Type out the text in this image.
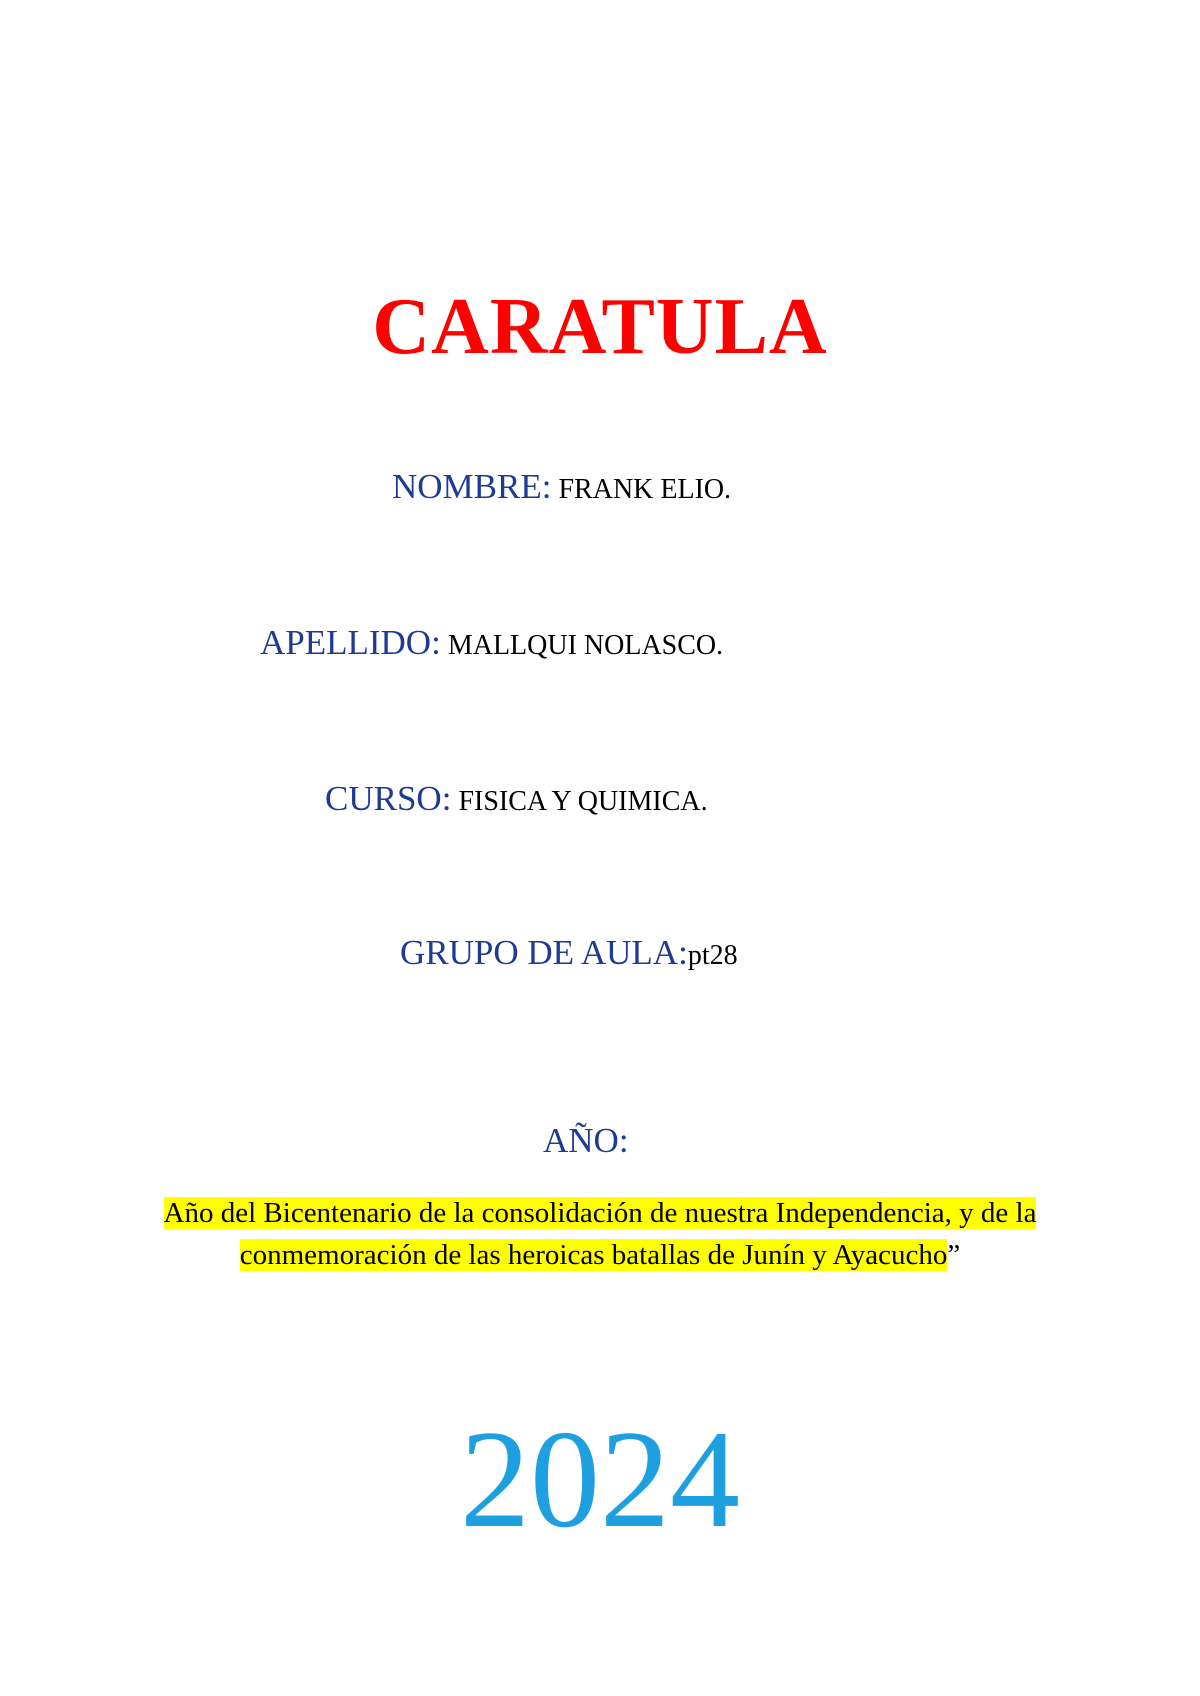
CARATULA
NOMBRE: FRANK ELIO.
APELLIDO: MALLQUI NOLASCO.
CURSO: FISICA Y QUIMICA.
GRUPO DE AULA:pt28
AÑO:
Año del Bicentenario de la consolidación de nuestra Independencia, y de la
conmemoración de las heroicas batallas de Junín y Ayacucho”
2024
